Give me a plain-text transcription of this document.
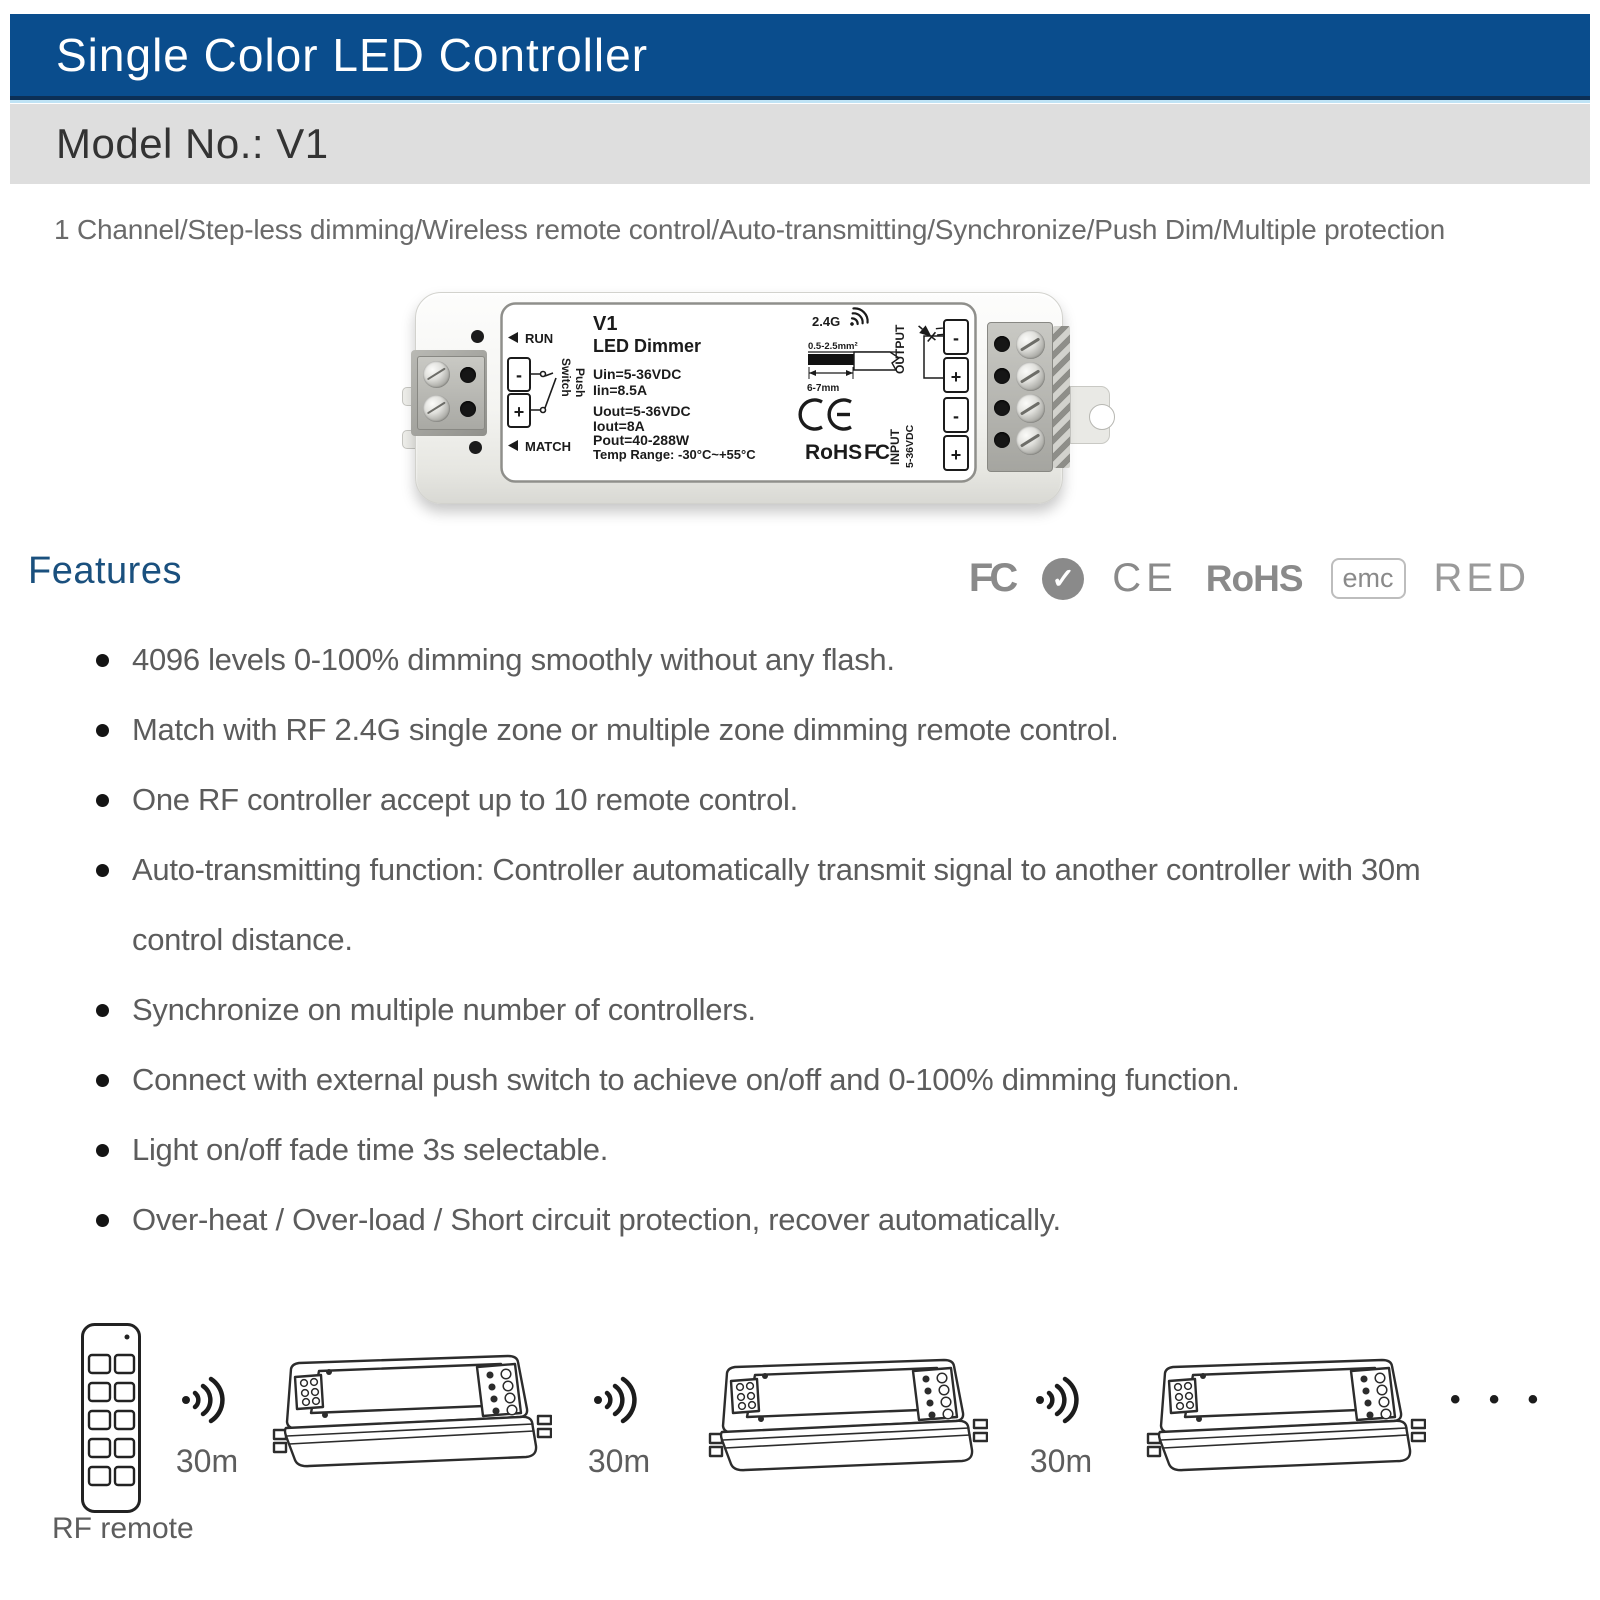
Single Color LED Controller
Model No.: V1
1 Channel/Step-less dimming/Wireless remote control/Auto-transmitting/Synchronize/Push Dim/Multiple protection
RUN
MATCH
-
+
Switch Push
V1
LED Dimmer
Uin=5-36VDC
Iin=8.5A
Uout=5-36VDC
Iout=8A
Pout=40-288W
Temp Range: -30°C~+55°C
2.4G
0.5-2.5mm²
6-7mm
RoHS FC
OUTPUT	-
+
INPUT 5-36VDC
-
+
Features	FC	✓ CE RoHS	emc	RED
4096 levels 0-100% dimming smoothly without any flash.
Match with RF 2.4G single zone or multiple zone dimming remote control.
One RF controller accept up to 10 remote control.
Auto-transmitting function: Controller automatically transmit signal to another controller with 30m control distance.
Synchronize on multiple number of controllers.
Connect with external push switch to achieve on/off and 0-100% dimming function.
Light on/off fade time 3s selectable.
Over-heat / Over-load / Short circuit protection, recover automatically.
RF remote
30m	30m	30m
• • •
